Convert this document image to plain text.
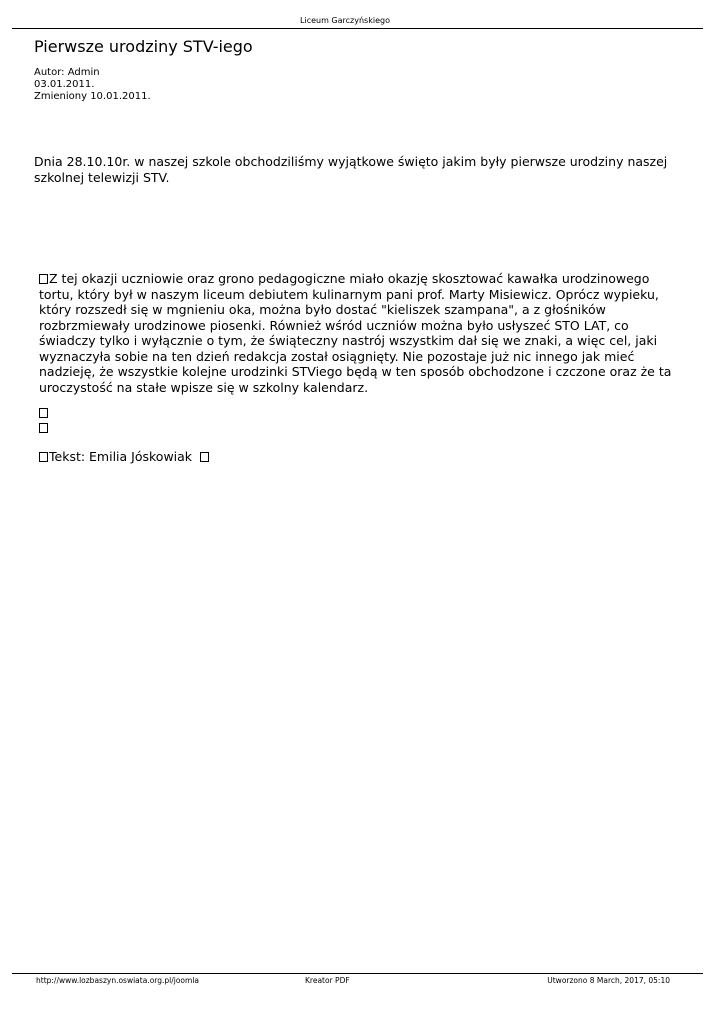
Liceum Garczyńskiego
Pierwsze urodziny STV-iego
Autor: Admin
03.01.2011.
Zmieniony 10.01.2011.

Dnia 28.10.10r. w naszej szkole obchodziliśmy wyjątkowe święto jakim były pierwsze urodziny naszej szkolnej telewizji STV.

Z tej okazji uczniowie oraz grono pedagogiczne miało okazję skosztować kawałka urodzinowego tortu, który był w naszym liceum debiutem kulinarnym pani prof. Marty Misiewicz. Oprócz wypieku, który rozszedł się w mgnieniu oka, można było dostać "kieliszek szampana", a z głośników rozbrzmiewały urodzinowe piosenki. Również wśród uczniów można było usłyszeć STO LAT, co świadczy tylko i wyłącznie o tym, że świąteczny nastrój wszystkim dał się we znaki, a więc cel, jaki wyznaczyła sobie na ten dzień redakcja został osiągnięty. Nie pozostaje już nic innego jak mieć nadzieję, że wszystkie kolejne urodzinki STViego będą w ten sposób obchodzone i czczone oraz że ta uroczystość na stałe wpisze się w szkolny kalendarz.

Tekst: Emilia Jóskowiak
http://www.lozbaszyn.oswiata.org.pl/joomla	Kreator PDF	Utworzono 8 March, 2017, 05:10
